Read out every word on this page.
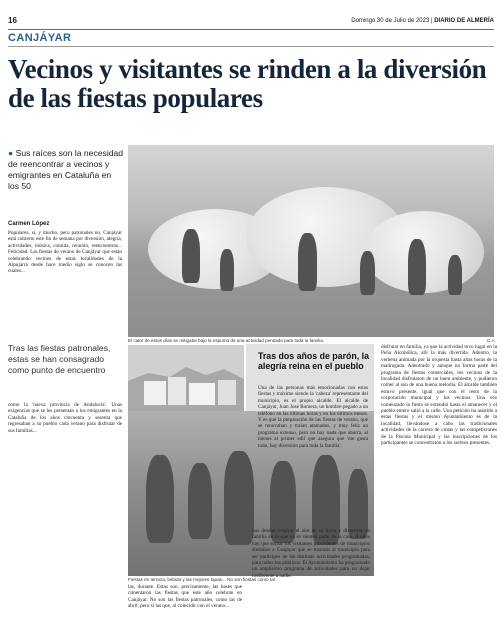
16	Domingo 30 de Julio de 2023 | DIARIO DE ALMERÍA
CANJÁYAR
Vecinos y visitantes se rinden a la diversión de las fiestas populares
● Sus raíces son la necesidad de reencontrar a vecinos y emigrantes en Cataluña en los 50
Carmen López
Populares, sí, y mucho, pero patronales no. Canjáyar está cubierto este fin de semana por diversión, alegría, actividades, música, comida, reunión, reencuentros... Felicidad. Las fiestas de verano de Canjáyar que están celebrando vecinos de estas localidades de la Alpujarra desde hace medio siglo se conocen las cuales...
El calor de estos días se mitigaba bajo la espuma de una actividad pensada para toda la familia.	D.A.
Tras las fiestas patronales, estas se han consagrado como punto de encuentro
como la 'nueva provincia de Andalucía'. Unas exigencias que se les presentan a los emigrantes en la Cataluña de los años cincuenta y sesenta que regresaban a su pueblo cada verano para disfrutar de sus familias...
Fiestas en terraza, bebida y las mejores tapas... No son fiestas como tal.
las, durante. Estas son, precisamente, las bases que cimentaron las fiestas que este año celebran en Canjáyar. No son las fiestas patronales, como las de abril, pero sí las que, al coincidir con el verano...
Tras dos años de parón, la alegría reina en el pueblo
Una de las personas más emocionadas con estas fiestas y máxime siendo la 'cabeza' representante del municipio, es el propio alcalde. El alcalde de Canjáyar, Juan José Romera, un hombre pegado a un teléfono en las últimas horas y en los últimos meses. Y es que la preparación de las fiestas de verano, que se renovaban y traían atamados, y muy feliz un programa extenso, pero no hay nada que aburra, al menos al primer edil que asegura que 'me gusta todo, hay diversión para toda la familia'.
nos desean respirar el aire de su tierra y divertirse en familia en la que ya se sienten parte de la casa. A ellos hay que sumar los visitantes procedentes de municipios aledaños a Canjáyar que se traslada al municipio para ser partícipes de las distintas actividades programadas, para todos los públicos. El Ayuntamiento ha programado un amplísimo programa de actividades para no dejar indiferente a nadie.
disfrutar en familia, ya que la actividad tuvo lugar en la Peña Alcohólica, allí la más divertida. Adentro, la verbena animada por la orquesta hasta altas horas de la madrugada. Adentrado y aunque no forma parte del programa de fiestas comerciales, los vecinos de la localidad disfrutaron de un buen ambiente, y pudieron comer al son de una buena melodía. El alcalde también estuvo presente, igual que con el resto de la corporación municipal y los vecinos. Una vez comenzado la fiesta se extendió hasta el amanecer y el pueblo entero salió a la calle. Una petición ha asistido a estas fiestas y el mismo Ayuntamiento es de la localidad, llevándose a cabo las tradicionales actividades de la carrera de cintas y las competiciones de la Piscina Municipal y las inscripciones de los participantes se concentraron a los sorteos presentes.
